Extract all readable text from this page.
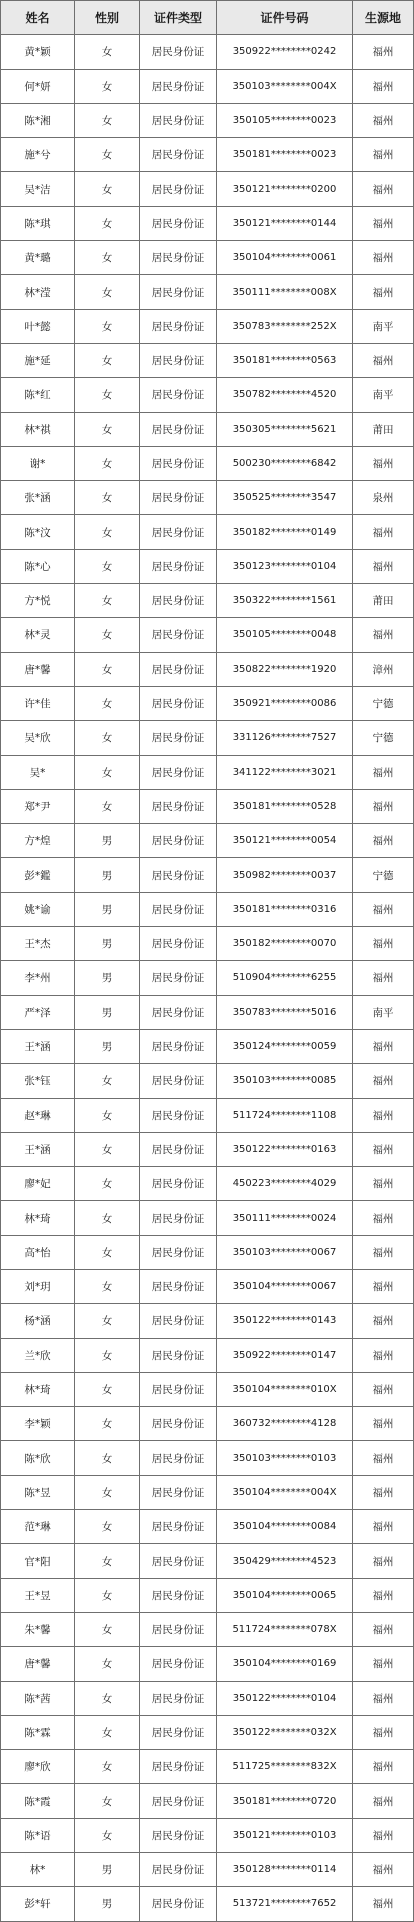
姓名	性别	证件类型	证件号码	生源地
黄*颖	女	居民身份证	350922********0242	福州
何*妍	女	居民身份证	350103********004X	福州
陈*湘	女	居民身份证	350105********0023	福州
施*兮	女	居民身份证	350181********0023	福州
吴*洁	女	居民身份证	350121********0200	福州
陈*琪	女	居民身份证	350121********0144	福州
黄*璐	女	居民身份证	350104********0061	福州
林*滢	女	居民身份证	350111********008X	福州
叶*懿	女	居民身份证	350783********252X	南平
施*延	女	居民身份证	350181********0563	福州
陈*红	女	居民身份证	350782********4520	南平
林*祺	女	居民身份证	350305********5621	莆田
谢*	女	居民身份证	500230********6842	福州
张*涵	女	居民身份证	350525********3547	泉州
陈*汶	女	居民身份证	350182********0149	福州
陈*心	女	居民身份证	350123********0104	福州
方*悦	女	居民身份证	350322********1561	莆田
林*灵	女	居民身份证	350105********0048	福州
唐*馨	女	居民身份证	350822********1920	漳州
许*佳	女	居民身份证	350921********0086	宁德
吴*欣	女	居民身份证	331126********7527	宁德
吴*	女	居民身份证	341122********3021	福州
郑*尹	女	居民身份证	350181********0528	福州
方*煌	男	居民身份证	350121********0054	福州
彭*鑑	男	居民身份证	350982********0037	宁德
姚*谕	男	居民身份证	350181********0316	福州
王*杰	男	居民身份证	350182********0070	福州
李*州	男	居民身份证	510904********6255	福州
严*泽	男	居民身份证	350783********5016	南平
王*涵	男	居民身份证	350124********0059	福州
张*钰	女	居民身份证	350103********0085	福州
赵*琳	女	居民身份证	511724********1108	福州
王*涵	女	居民身份证	350122********0163	福州
廖*妃	女	居民身份证	450223********4029	福州
林*琦	女	居民身份证	350111********0024	福州
高*怡	女	居民身份证	350103********0067	福州
刘*玥	女	居民身份证	350104********0067	福州
杨*涵	女	居民身份证	350122********0143	福州
兰*欣	女	居民身份证	350922********0147	福州
林*琦	女	居民身份证	350104********010X	福州
李*颖	女	居民身份证	360732********4128	福州
陈*欣	女	居民身份证	350103********0103	福州
陈*昱	女	居民身份证	350104********004X	福州
范*琳	女	居民身份证	350104********0084	福州
官*阳	女	居民身份证	350429********4523	福州
王*昱	女	居民身份证	350104********0065	福州
朱*馨	女	居民身份证	511724********078X	福州
唐*馨	女	居民身份证	350104********0169	福州
陈*茜	女	居民身份证	350122********0104	福州
陈*霖	女	居民身份证	350122********032X	福州
廖*欣	女	居民身份证	511725********832X	福州
陈*霞	女	居民身份证	350181********0720	福州
陈*语	女	居民身份证	350121********0103	福州
林*	男	居民身份证	350128********0114	福州
彭*轩	男	居民身份证	513721********7652	福州
